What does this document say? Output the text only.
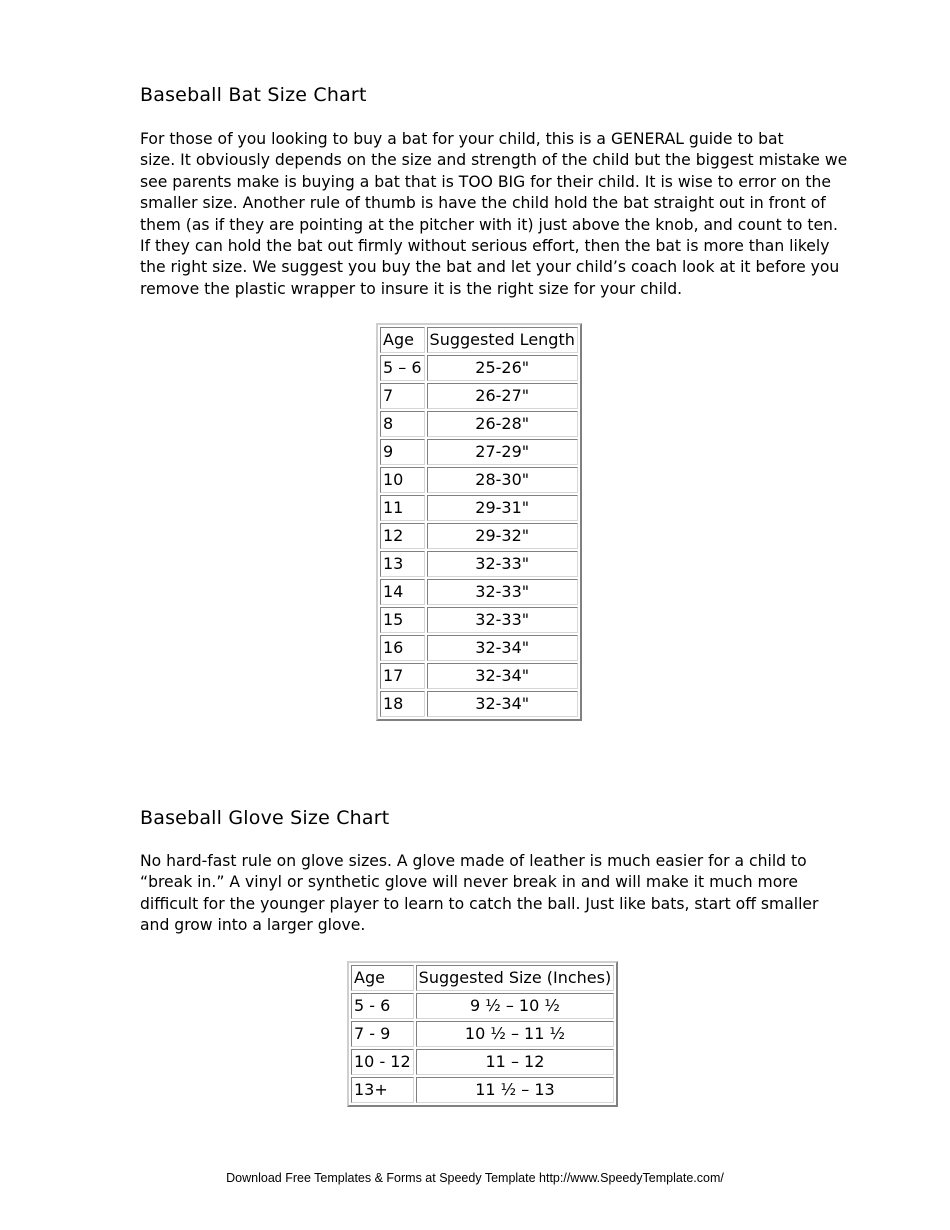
Baseball Bat Size Chart

For those of you looking to buy a bat for your child, this is a GENERAL guide to bat
size. It obviously depends on the size and strength of the child but the biggest mistake we
see parents make is buying a bat that is TOO BIG for their child. It is wise to error on the
smaller size. Another rule of thumb is have the child hold the bat straight out in front of
them (as if they are pointing at the pitcher with it) just above the knob, and count to ten.
If they can hold the bat out firmly without serious effort, then the bat is more than likely
the right size. We suggest you buy the bat and let your child’s coach look at it before you
remove the plastic wrapper to insure it is the right size for your child.

Age	Suggested Length
5 – 6	25-26"
7	26-27"
8	26-28"
9	27-29"
10	28-30"
11	29-31"
12	29-32"
13	32-33"
14	32-33"
15	32-33"
16	32-34"
17	32-34"
18	32-34"
Baseball Glove Size Chart

No hard-fast rule on glove sizes. A glove made of leather is much easier for a child to
“break in.” A vinyl or synthetic glove will never break in and will make it much more
difficult for the younger player to learn to catch the ball. Just like bats, start off smaller
and grow into a larger glove.

Age	Suggested Size (Inches)
5 - 6	9 ½ – 10 ½
7 - 9	10 ½ – 11 ½
10 - 12	11 – 12
13+	11 ½ – 13
Download Free Templates & Forms at Speedy Template http://www.SpeedyTemplate.com/
